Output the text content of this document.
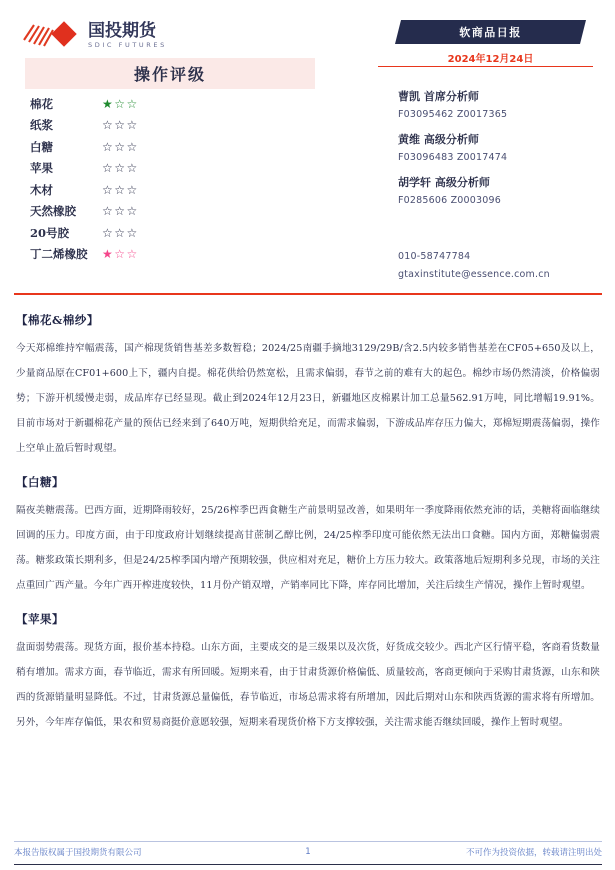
国投期货
SDIC FUTURES
操作评级
棉花	★☆☆
纸浆	☆☆☆
白糖	☆☆☆
苹果	☆☆☆
木材	☆☆☆
天然橡胶	☆☆☆
20号胶	☆☆☆
丁二烯橡胶	★☆☆
软商品日报
2024年12月24日
曹凯 首席分析师
F03095462 Z0017365
黄维 高级分析师
F03096483 Z0017474
胡学轩 高级分析师
F0285606 Z0003096
010-58747784
gtaxinstitute@essence.com.cn
【棉花&棉纱】
今天郑棉维持窄幅震荡，国产棉现货销售基差多数暂稳；2024/25南疆手摘地3129/29B/含2.5内较多销售基差在CF05+650及以上，少量商品原在CF01+600上下，疆内自提。棉花供给仍然宽松，且需求偏弱，春节之前的难有大的起色。棉纱市场仍然清淡，价格偏弱势；下游开机缓慢走弱，成品库存已经显现。截止到2024年12月23日，新疆地区皮棉累计加工总量562.91万吨，同比增幅19.91%。目前市场对于新疆棉花产量的预估已经来到了640万吨，短期供给充足，而需求偏弱，下游成品库存压力偏大，郑棉短期震荡偏弱，操作上空单止盈后暂时观望。
【白糖】
隔夜美糖震荡。巴西方面，近期降雨较好，25/26榨季巴西食糖生产前景明显改善，如果明年一季度降雨依然充沛的话，美糖将面临继续回调的压力。印度方面，由于印度政府计划继续提高甘蔗制乙醇比例，24/25榨季印度可能依然无法出口食糖。国内方面，郑糖偏弱震荡。糖浆政策长期利多，但是24/25榨季国内增产预期较强，供应相对充足，糖价上方压力较大。政策落地后短期利多兑现，市场的关注点重回广西产量。今年广西开榨进度较快，11月份产销双增，产销率同比下降，库存同比增加，关注后续生产情况，操作上暂时观望。
【苹果】
盘面弱势震荡。现货方面，报价基本持稳。山东方面，主要成交的是三级果以及次货，好货成交较少。西北产区行情平稳，客商看货数量稍有增加。需求方面，春节临近，需求有所回暖。短期来看，由于甘肃货源价格偏低、质量较高，客商更倾向于采购甘肃货源，山东和陕西的货源销量明显降低。不过，甘肃货源总量偏低，春节临近，市场总需求将有所增加，因此后期对山东和陕西货源的需求将有所增加。另外，今年库存偏低，果农和贸易商挺价意愿较强，短期来看现货价格下方支撑较强，关注需求能否继续回暖，操作上暂时观望。
本报告版权属于国投期货有限公司	1	不可作为投资依据，转载请注明出处
